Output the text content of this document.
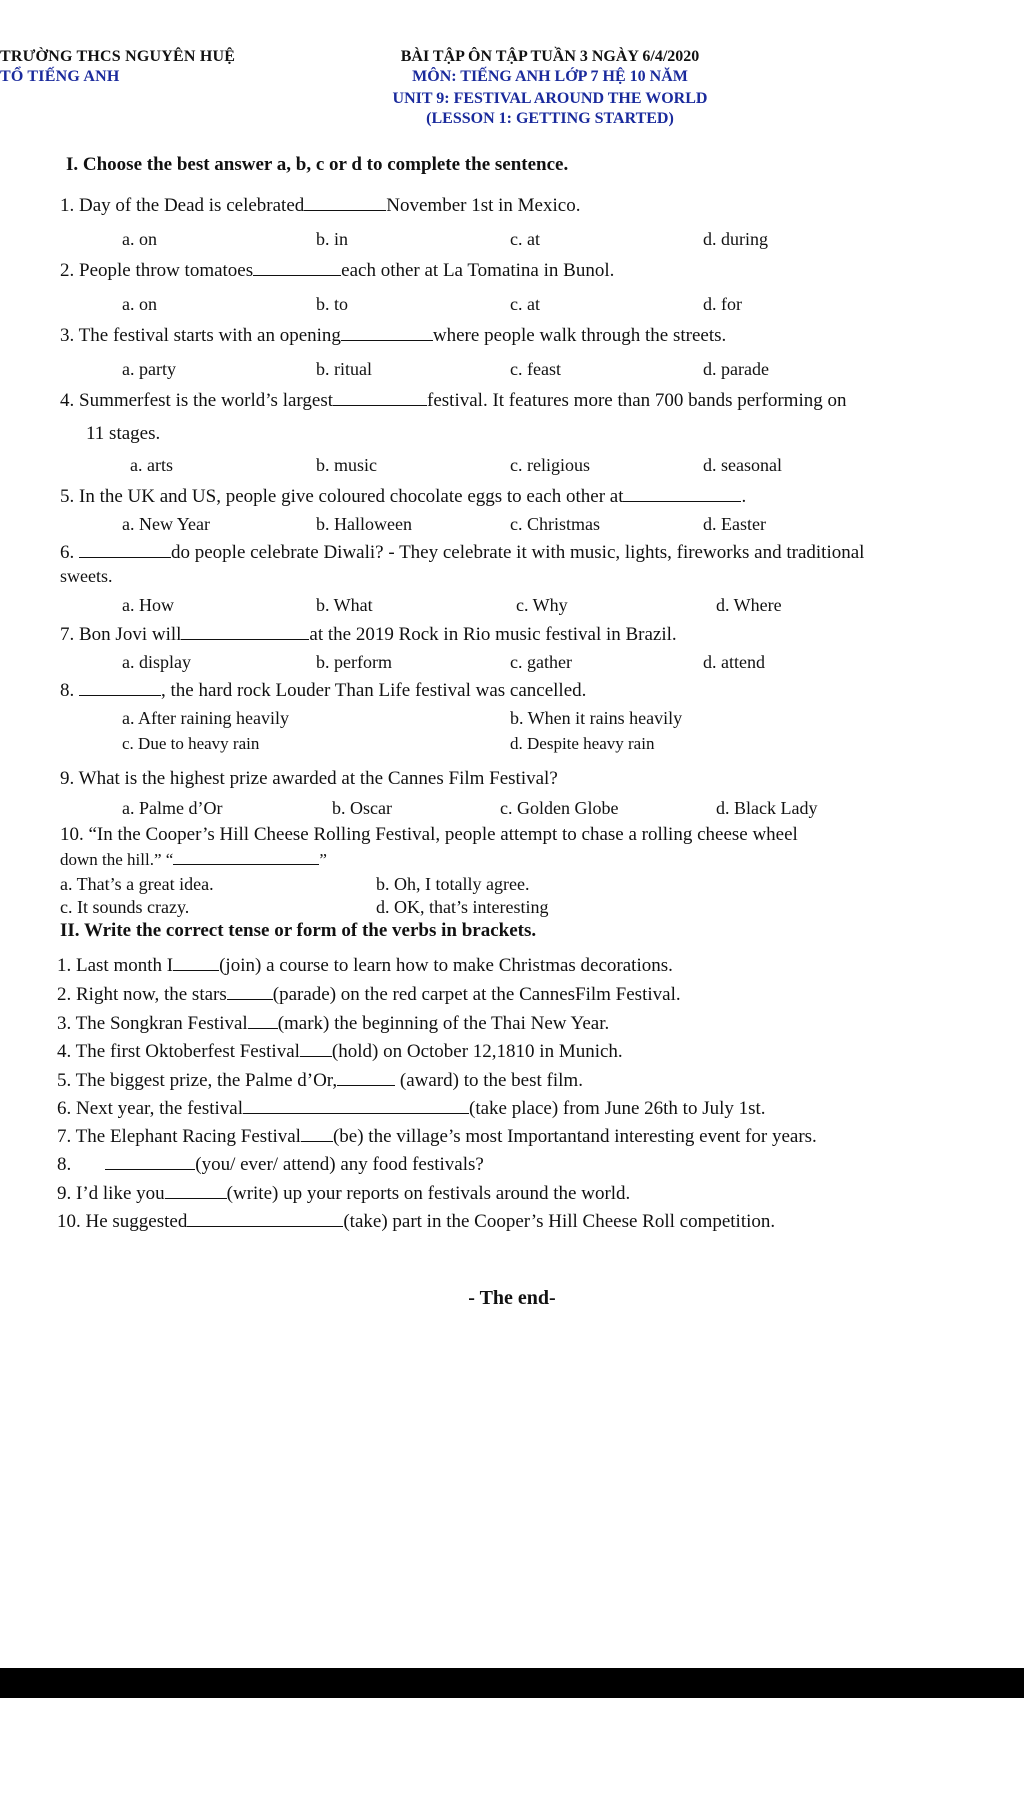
TRƯỜNG THCS NGUYÊN HUỆ
TỔ TIẾNG ANH
BÀI TẬP ÔN TẬP TUẦN 3 NGÀY 6/4/2020
MÔN: TIẾNG ANH LỚP 7 HỆ 10 NĂM
UNIT 9: FESTIVAL AROUND THE WORLD
(LESSON 1: GETTING STARTED)
I. Choose the best answer a, b, c or d to complete the sentence.
1. Day of the Dead is celebrated	November 1st in Mexico.
a. on	b. in	c. at	d. during
2. People throw tomatoes	each other at La Tomatina in Bunol.
a. on	b. to	c. at	d. for
3. The festival starts with an opening	where people walk through the streets.
a. party	b. ritual	c. feast	d. parade
4. Summerfest is the world’s largest	festival. It features more than 700 bands performing on
11 stages.
a. arts	b. music	c. religious	d. seasonal
5. In the UK and US, people give coloured chocolate eggs to each other at	.
a. New Year	b. Halloween	c. Christmas	d. Easter
6.	do people celebrate Diwali? - They celebrate it with music, lights, fireworks and traditional
sweets.
a. How	b. What	c. Why	d. Where
7. Bon Jovi will	at the 2019 Rock in Rio music festival in Brazil.
a. display	b. perform	c. gather	d. attend
8.	, the hard rock Louder Than Life festival was cancelled.
a. After raining heavily	b. When it rains heavily
c. Due to heavy rain	d. Despite heavy rain
9. What is the highest prize awarded at the Cannes Film Festival?
a. Palme d’Or	b. Oscar	c. Golden Globe	d. Black Lady
10. “In the Cooper’s Hill Cheese Rolling Festival, people attempt to chase a rolling cheese wheel
down the hill.” “	”
a. That’s a great idea.	b. Oh, I totally agree.
c. It sounds crazy.	d. OK, that’s interesting
II. Write the correct tense or form of the verbs in brackets.
1. Last month I (join) a course to learn how to make Christmas decorations.
2. Right now, the stars (parade) on the red carpet at the CannesFilm Festival.
3. The Songkran Festival (mark) the beginning of the Thai New Year.
4. The first Oktoberfest Festival (hold) on October 12,1810 in Munich.
5. The biggest prize, the Palme d’Or,	(award) to the best film.
6. Next year, the festival	(take place) from June 26th to July 1st.
7. The Elephant Racing Festival (be) the village’s most Importantand interesting event for years.
8.	(you/ ever/ attend) any food festivals?
9. I’d like you	(write) up your reports on festivals around the world.
10. He suggested	(take) part in the Cooper’s Hill Cheese Roll competition.
- The end-
